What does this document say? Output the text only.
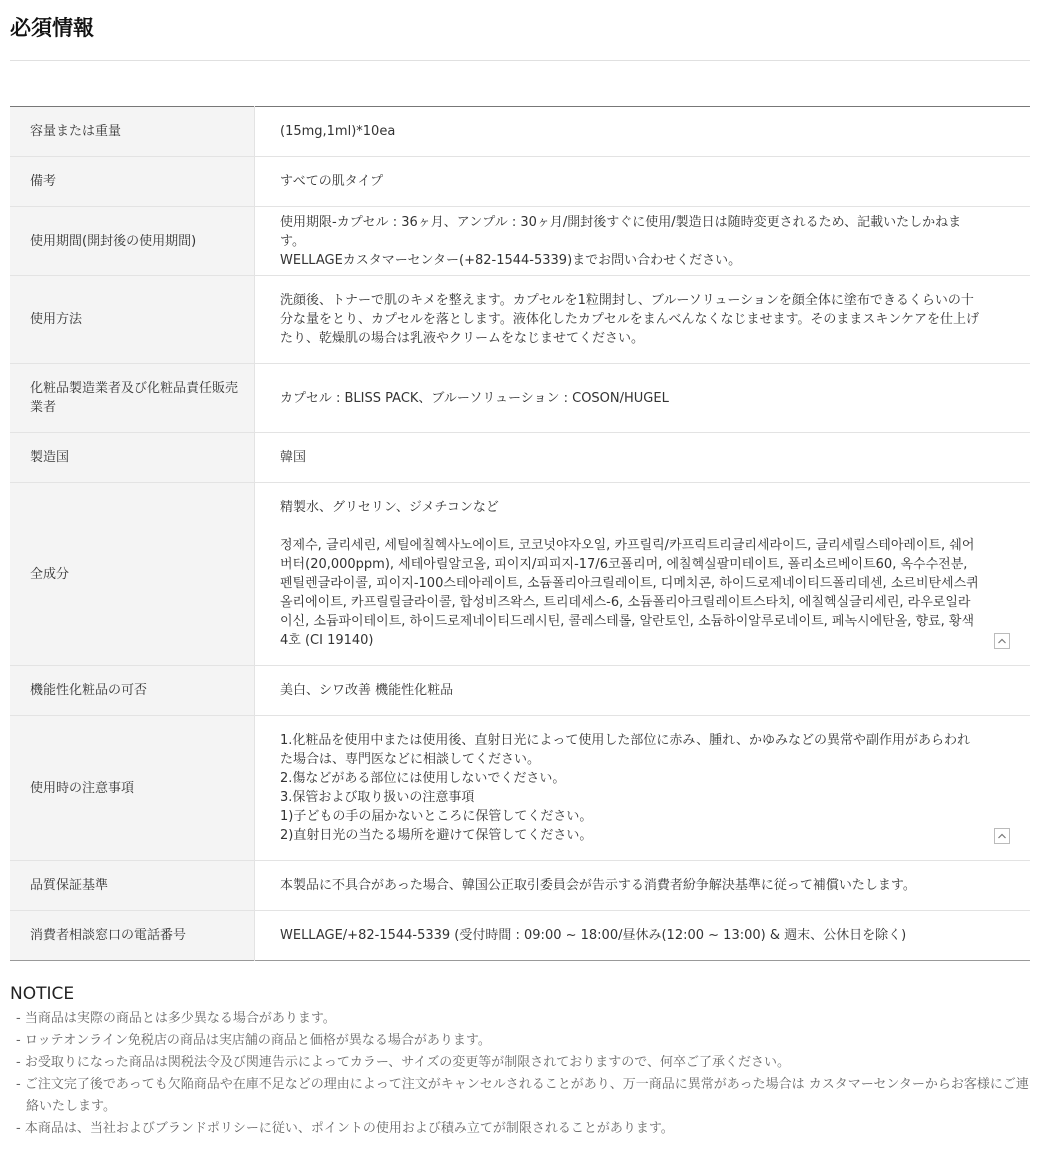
必須情報
容量または重量	(15mg,1ml)*10ea
備考	すべての肌タイプ
使用期間(開封後の使用期間)	使用期限-カプセル : 36ヶ月、アンプル : 30ヶ月/開封後すぐに使用/製造日は随時変更されるため、記載いたしかねます。
WELLAGEカスタマーセンター(+82-1544-5339)までお問い合わせください。
使用方法	洗顔後、トナーで肌のキメを整えます。カプセルを1粒開封し、ブルーソリューションを顔全体に塗布できるくらいの十分な量をとり、カプセルを落とします。液体化したカプセルをまんべんなくなじませます。そのままスキンケアを仕上げたり、乾燥肌の場合は乳液やクリームをなじませてください。
化粧品製造業者及び化粧品責任販売業者	カプセル : BLISS PACK、ブルーソリューション : COSON/HUGEL
製造国	韓国
全成分	精製水、グリセリン、ジメチコンなど

정제수, 글리세린, 세틸에칠헥사노에이트, 코코넛야자오일, 카프릴릭/카프릭트리글리세라이드, 글리세릴스테아레이트, 쉐어버터(20,000ppm), 세테아릴알코올, 피이지/피피지-17/6코폴리머, 에칠헥실팔미테이트, 폴리소르베이트60, 옥수수전분, 펜틸렌글라이콜, 피이지-100스테아레이트, 소듐폴리아크릴레이트, 디메치콘, 하이드로제네이티드폴리데센, 소르비탄세스퀴올리에이트, 카프릴릴글라이콜, 합성비즈왁스, 트리데세스-6, 소듐폴리아크릴레이트스타치, 에칠헥실글리세린, 라우로일라이신, 소듐파이테이트, 하이드로제네이티드레시틴, 콜레스테롤, 알란토인, 소듐하이알루로네이트, 페녹시에탄올, 향료, 황색4호 (CI 19140)

機能性化粧品の可否	美白、シワ改善 機能性化粧品
使用時の注意事項	1.化粧品を使用中または使用後、直射日光によって使用した部位に赤み、腫れ、かゆみなどの異常や副作用があらわれた場合は、専門医などに相談してください。
2.傷などがある部位には使用しないでください。
3.保管および取り扱いの注意事項
1)子どもの手の届かないところに保管してください。
2)直射日光の当たる場所を避けて保管してください。

品質保証基準	本製品に不具合があった場合、韓国公正取引委員会が告示する消費者紛争解決基準に従って補償いたします。
消費者相談窓口の電話番号	WELLAGE/+82-1544-5339 (受付時間 : 09:00 ~ 18:00/昼休み(12:00 ~ 13:00) & 週末、公休日を除く)
NOTICE
- 当商品は実際の商品とは多少異なる場合があります。
- ロッテオンライン免税店の商品は実店舗の商品と価格が異なる場合があります。
- お受取りになった商品は関税法令及び関連告示によってカラー、サイズの変更等が制限されておりますので、何卒ご了承ください。
- ご注文完了後であっても欠陥商品や在庫不足などの理由によって注文がキャンセルされることがあり、万一商品に異常があった場合は カスタマーセンターからお客様にご連絡いたします。
- 本商品は、当社およびブランドポリシーに従い、ポイントの使用および積み立てが制限されることがあります。
